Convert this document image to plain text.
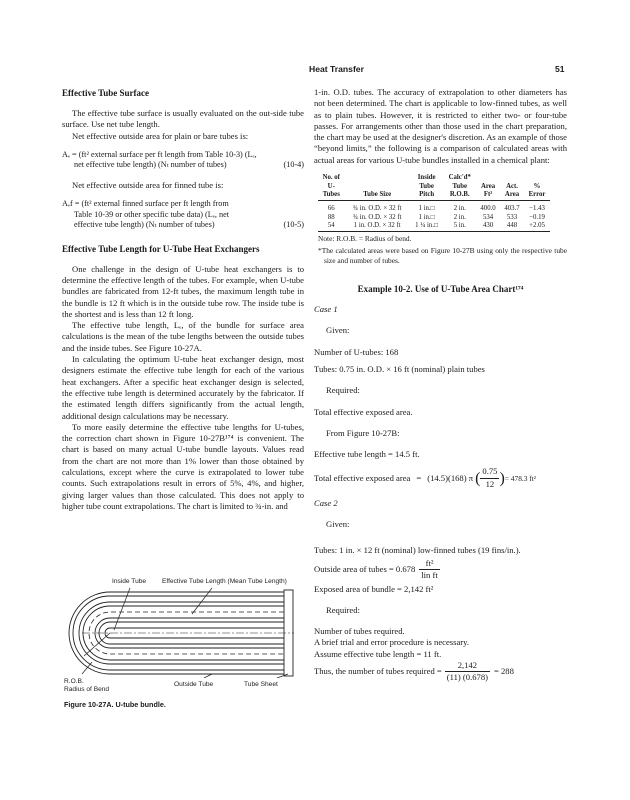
Heat Transfer	51
Effective Tube Surface
The effective tube surface is usually evaluated on the out-side tube surface. Use net tube length.
Net effective outside area for plain or bare tubes is:
Aₑ = (ft² external surface per ft length from Table 10-3) (Lₑ,
net effective tube length) (Nₜ number of tubes)	(10-4)
Net effective outside area for finned tube is:
Aₑf = (ft² external finned surface per ft length from
Table 10-39 or other specific tube data) (Lₑ, net
effective tube length) (Nₜ number of tubes)	(10-5)
Effective Tube Length for U-Tube Heat Exchangers
One challenge in the design of U-tube heat exchangers is to determine the effective length of the tubes. For example, when U-tube bundles are fabricated from 12-ft tubes, the maximum length tube in the bundle is 12 ft which is in the outside tube row. The inside tube is the shortest and is less than 12 ft long.
The effective tube length, Lₑ, of the bundle for surface area calculations is the mean of the tube lengths between the outside tubes and the inside tubes. See Figure 10-27A.
In calculating the optimum U-tube heat exchanger design, most designers estimate the effective tube length for each of the various heat exchangers. After a specific heat exchanger design is selected, the effective tube length is determined accurately by the fabricator. If the estimated length differs significantly from the actual length, additional design calculations may be necessary.
To more easily determine the effective tube lengths for U-tubes, the correction chart shown in Figure 10-27B¹⁷⁴ is convenient. The chart is based on many actual U-tube bundle layouts. Values read from the chart are not more than 1% lower than those obtained by calculations, except where the curve is extrapolated to lower tube counts. Such extrapolations result in errors of 5%, 4%, and higher, giving larger values than those calculated. This does not apply to higher tube count extrapolations. The chart is limited to ¾-in. and
Inside Tube Effective Tube Length (Mean Tube Length)
R.O.B.
Radius of Bend
Outside Tube	Tube Sheet
Figure 10-27A. U-tube bundle.
1-in. O.D. tubes. The accuracy of extrapolation to other diameters has not been determined. The chart is applicable to low-finned tubes, as well as to plain tubes. However, it is restricted to either two- or four-tube passes. For arrangements other than those used in the chart preparation, the chart may be used at the designer's discretion. As an example of those “beyond limits,” the following is a comparison of calculated areas with actual areas for various U-tube bundles installed in a chemical plant:
No. of		Inside	Calc'd*			
U-		Tube	Tube	Area	Act.	%
Tubes	Tube Size	Pitch	R.O.B.	Ft²	Area	Error

66	¾ in. O.D. × 32 ft	1 in.□	2 in.	400.0	403.7	−1.43
88	¾ in. O.D. × 32 ft	1 in.□	2 in.	534	533	−0.19
54	1 in. O.D. × 32 ft	1 ¼ in.□	5 in.	430	448	+2.05
Note: R.O.B. = Radius of bend.
*The calculated areas were based on Figure 10-27B using only the respective tube size and number of tubes.
Example 10-2. Use of U-Tube Area Chart¹⁷⁴
Case 1
Given:
Number of U-tubes: 168
Tubes: 0.75 in. O.D. × 16 ft (nominal) plain tubes
Required:
Total effective exposed area.
From Figure 10-27B:
Effective tube length = 14.5 ft.
Total effective exposed area = (14.5)(168) π ( $\frac{0.75}{12}$ ) = 478.3 ft²
Case 2
Given:
Tubes: 1 in. × 12 ft (nominal) low-finned tubes (19 fins/in.).
Outside area of tubes = $0.678 \frac{\text{ft²}}{\text{lin ft}}$
Exposed area of bundle = 2,142 ft²
Required:
Number of tubes required.
A brief trial and error procedure is necessary.
Assume effective tube length = 11 ft.
Thus, the number of tubes required = $\frac{2,142}{(11) (0.678)} = 288$
